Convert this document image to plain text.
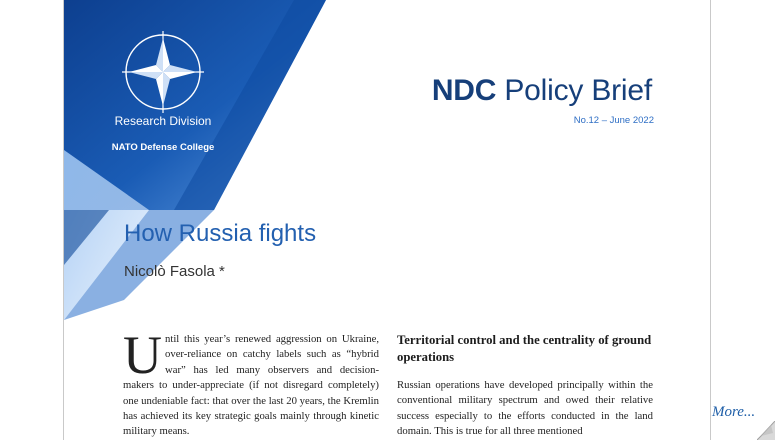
Research Division
NATO Defense College
NDC Policy Brief
No.12 – June 2022
How Russia fights
Nicolò Fasola *
U ntil this year’s renewed aggression on Ukraine, over-reliance on catchy labels such as “hybrid war” has led many observers and decision-makers to under-appreciate (if not disregard completely) one undeniable fact: that over the last 20 years, the Kremlin has achieved its key strategic goals mainly through kinetic military means.
Territorial control and the centrality of ground operations
Russian operations have developed principally within the conventional military spectrum and owed their relative success especially to the efforts conducted in the land domain. This is true for all three mentioned
More...
